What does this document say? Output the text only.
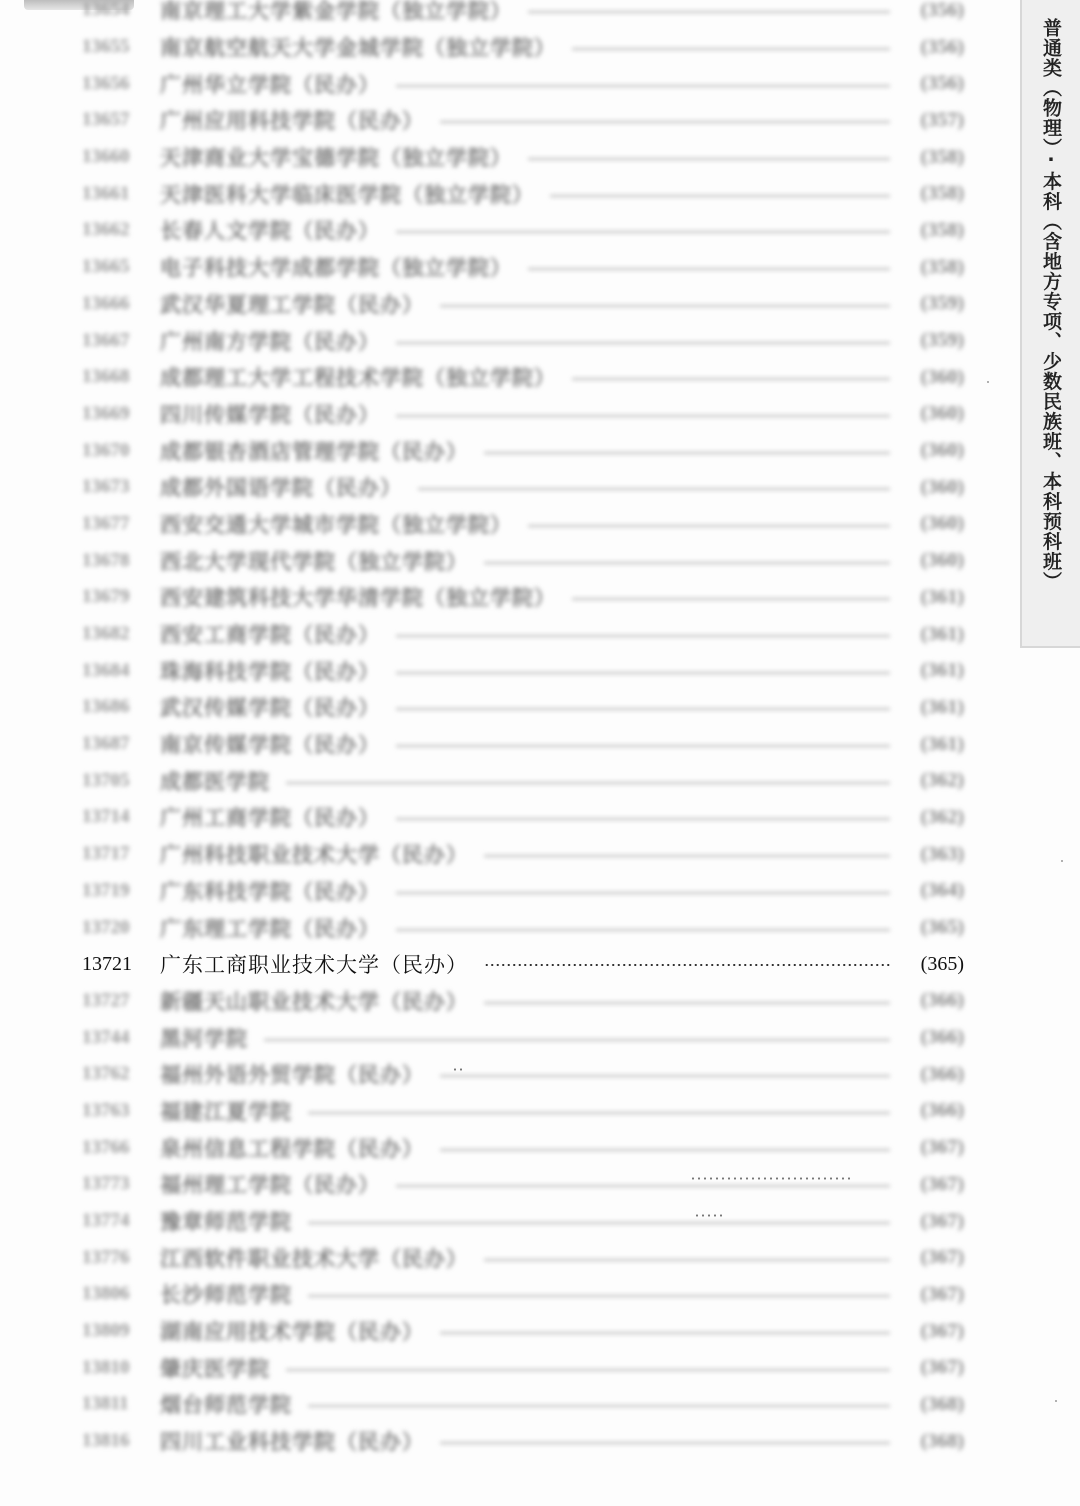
13654	南京理工大学紫金学院（独立学院）	(356)
13655	南京航空航天大学金城学院（独立学院）	(356)
13656	广州华立学院（民办）	(356)
13657	广州应用科技学院（民办）	(357)
13660	天津商业大学宝德学院（独立学院）	(358)
13661	天津医科大学临床医学院（独立学院）	(358)
13662	长春人文学院（民办）	(358)
13665	电子科技大学成都学院（独立学院）	(358)
13666	武汉华夏理工学院（民办）	(359)
13667	广州南方学院（民办）	(359)
13668	成都理工大学工程技术学院（独立学院）	(360)
13669	四川传媒学院（民办）	(360)
13670	成都银杏酒店管理学院（民办）	(360)
13673	成都外国语学院（民办）	(360)
13677	西安交通大学城市学院（独立学院）	(360)
13678	西北大学现代学院（独立学院）	(360)
13679	西安建筑科技大学华清学院（独立学院）	(361)
13682	西安工商学院（民办）	(361)
13684	珠海科技学院（民办）	(361)
13686	武汉传媒学院（民办）	(361)
13687	南京传媒学院（民办）	(361)
13705	成都医学院	(362)
13714	广州工商学院（民办）	(362)
13717	广州科技职业技术大学（民办）	(363)
13719	广东科技学院（民办）	(364)
13720	广东理工学院（民办）	(365)
13721	广东工商职业技术大学（民办）	(365)
13727	新疆天山职业技术大学（民办）	(366)
13744	黑河学院	(366)
13762	福州外语外贸学院（民办）	(366)
13763	福建江夏学院	(366)
13766	泉州信息工程学院（民办）	(367)
13773	福州理工学院（民办）	(367)
13774	豫章师范学院	(367)
13776	江西软件职业技术大学（民办）	(367)
13806	长沙师范学院	(367)
13809	湖南应用技术学院（民办）	(367)
13810	肇庆医学院	(367)
13811	烟台师范学院	(368)
13816	四川工业科技学院（民办）	(368)
普通类（物理）·本科（含地方专项、少数民族班、本科预科班）
